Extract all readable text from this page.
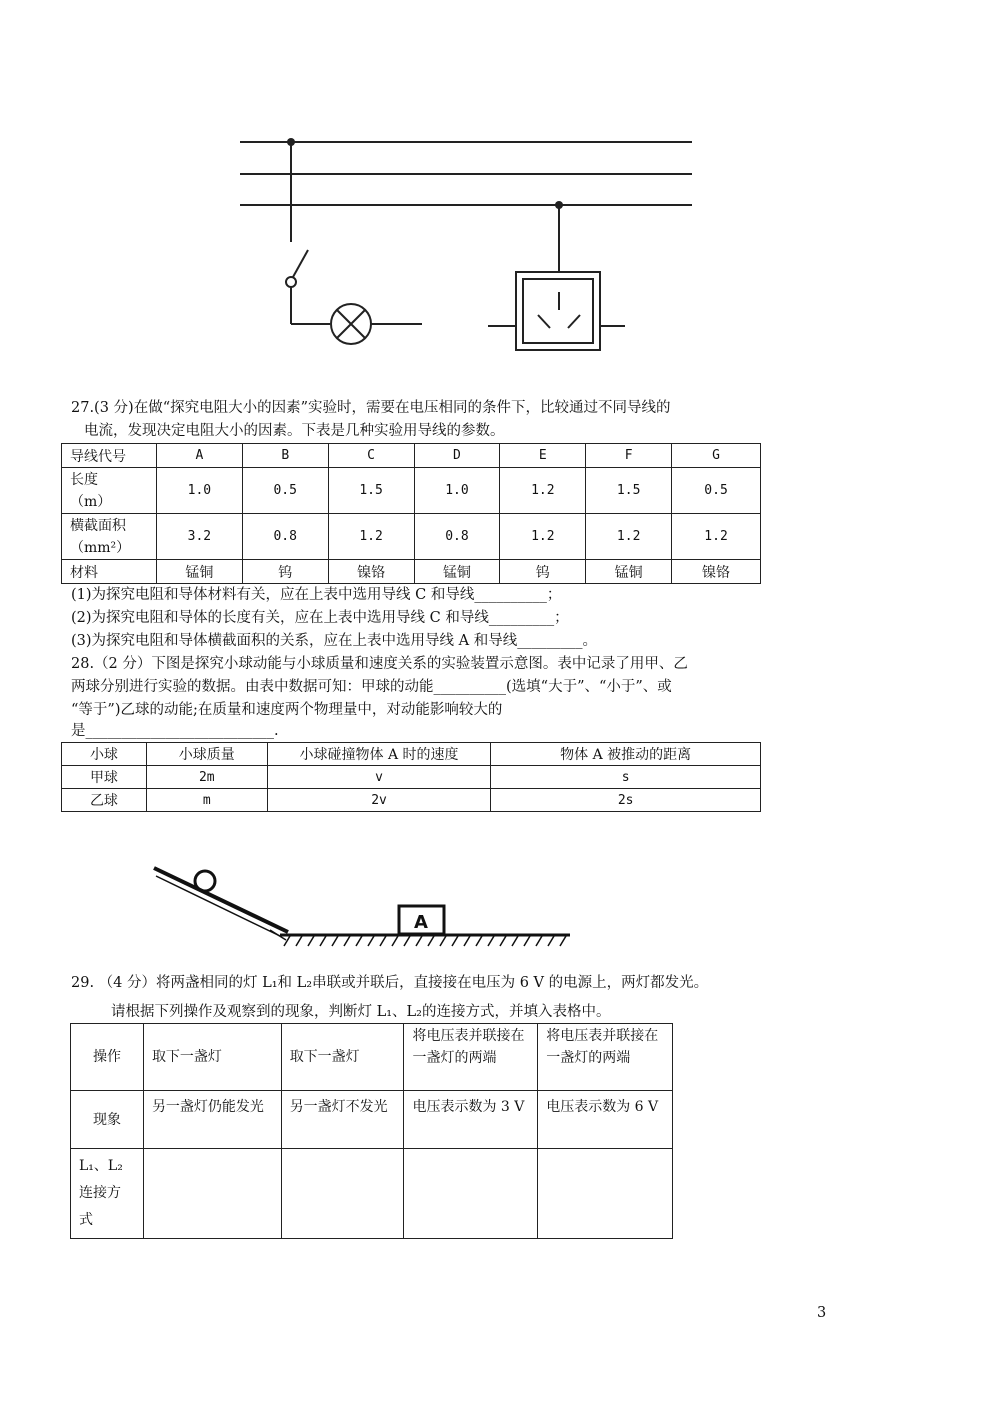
27.(3 分)在做“探究电阻大小的因素”实验时，需要在电压相同的条件下，比较通过不同导线的
电流，发现决定电阻大小的因素。下表是几种实验用导线的参数。
导线代号	A	B	C	D	E	F	G

长度
（m）	1.0	0.5	1.5	1.0	1.2	1.5	0.5

横截面积
（mm²）	3.2	0.8	1.2	0.8	1.2	1.2	1.2
材料	锰铜	钨	镍铬	锰铜	钨	锰铜	镍铬
(1)为探究电阻和导体材料有关，应在上表中选用导线 C 和导线__________；
(2)为探究电阻和导体的长度有关，应在上表中选用导线 C 和导线_________；
(3)为探究电阻和导体横截面积的关系，应在上表中选用导线 A 和导线_________。
28.（2 分）下图是探究小球动能与小球质量和速度关系的实验装置示意图。表中记录了用甲、乙
两球分别进行实验的数据。由表中数据可知：甲球的动能__________(选填“大于”、“小于”、或
“等于”)乙球的动能;在质量和速度两个物理量中，对动能影响较大的
是__________________________.
小球	小球质量	小球碰撞物体 A 时的速度	物体 A 被推动的距离
甲球	2m	v	s
乙球	m	2v	2s
A
29. （4 分）将两盏相同的灯 L₁和 L₂串联或并联后，直接接在电压为 6 V 的电源上，两灯都发光。
请根据下列操作及观察到的现象，判断灯 L₁、L₂的连接方式，并填入表格中。
操作	取下一盏灯	取下一盏灯	将电压表并联接在一盏灯的两端	将电压表并联接在一盏灯的两端
现象	另一盏灯仍能发光	另一盏灯不发光	电压表示数为 3 V	电压表示数为 6 V
L₁、L₂连接方式				
3
